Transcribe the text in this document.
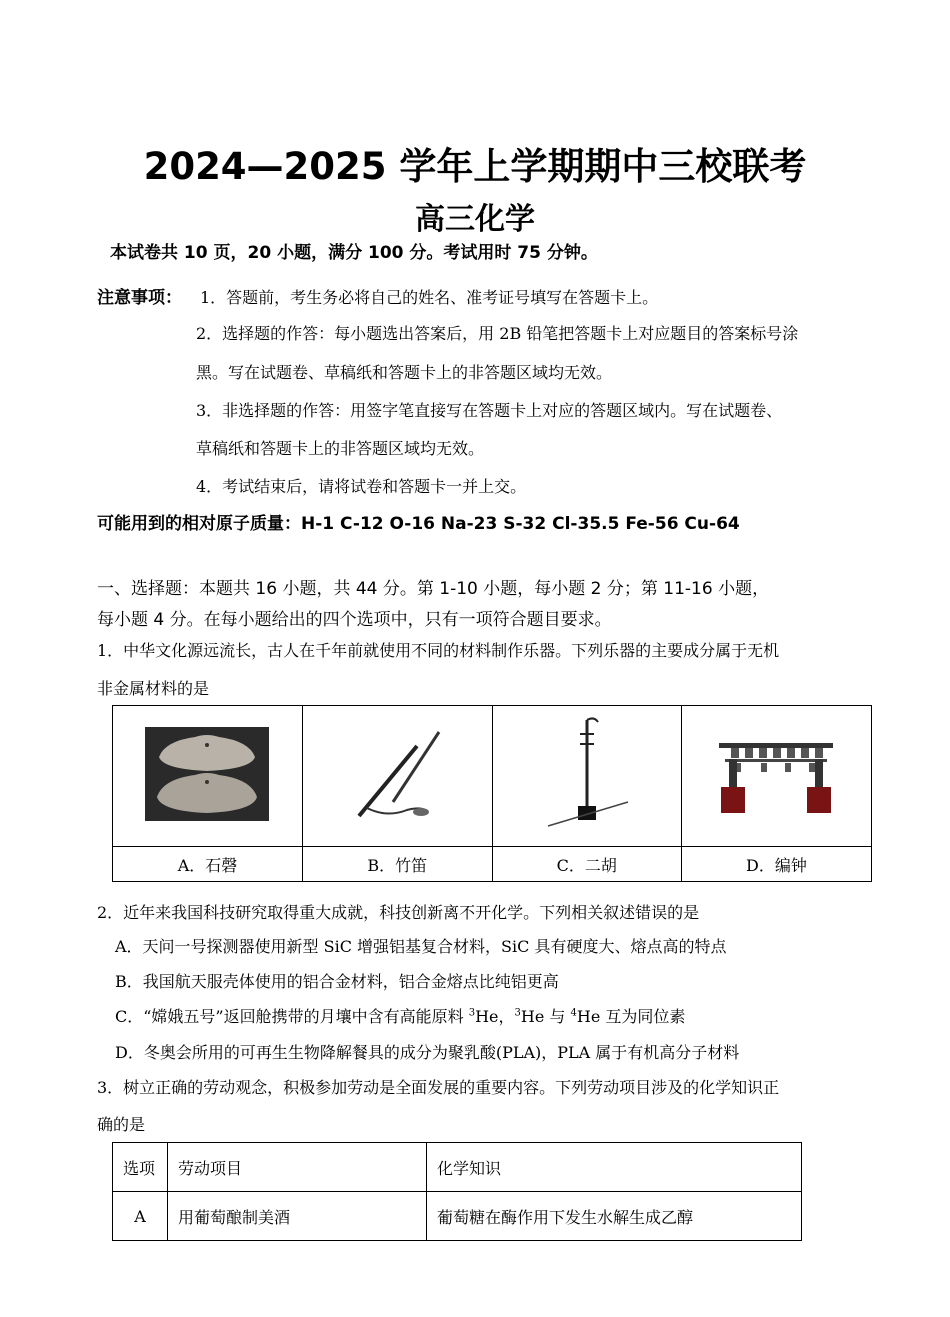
2024—2025 学年上学期期中三校联考
高三化学
本试卷共 10 页，20 小题，满分 100 分。考试用时 75 分钟。
注意事项： 1．答题前，考生务必将自己的姓名、准考证号填写在答题卡上。
2．选择题的作答：每小题选出答案后，用 2B 铅笔把答题卡上对应题目的答案标号涂
黑。写在试题卷、草稿纸和答题卡上的非答题区域均无效。
3．非选择题的作答：用签字笔直接写在答题卡上对应的答题区域内。写在试题卷、
草稿纸和答题卡上的非答题区域均无效。
4．考试结束后，请将试卷和答题卡一并上交。
可能用到的相对原子质量：H-1 C-12 O-16 Na-23 S-32 Cl-35.5 Fe-56 Cu-64
一、选择题：本题共 16 小题，共 44 分。第 1-10 小题，每小题 2 分；第 11-16 小题，
每小题 4 分。在每小题给出的四个选项中，只有一项符合题目要求。
1．中华文化源远流长，古人在千年前就使用不同的材料制作乐器。下列乐器的主要成分属于无机
非金属材料的是

A．石磬	B．竹笛	C．二胡	D．编钟
2．近年来我国科技研究取得重大成就，科技创新离不开化学。下列相关叙述错误的是
A．天问一号探测器使用新型 SiC 增强铝基复合材料，SiC 具有硬度大、熔点高的特点
B．我国航天服壳体使用的铝合金材料，铝合金熔点比纯铝更高
C．“嫦娥五号”返回舱携带的月壤中含有高能原料 $^3$He，$^3$He 与 $^4$He 互为同位素
D．冬奥会所用的可再生生物降解餐具的成分为聚乳酸(PLA)，PLA 属于有机高分子材料
3．树立正确的劳动观念，积极参加劳动是全面发展的重要内容。下列劳动项目涉及的化学知识正
确的是
选项	劳动项目	化学知识
A	用葡萄酿制美酒	葡萄糖在酶作用下发生水解生成乙醇
